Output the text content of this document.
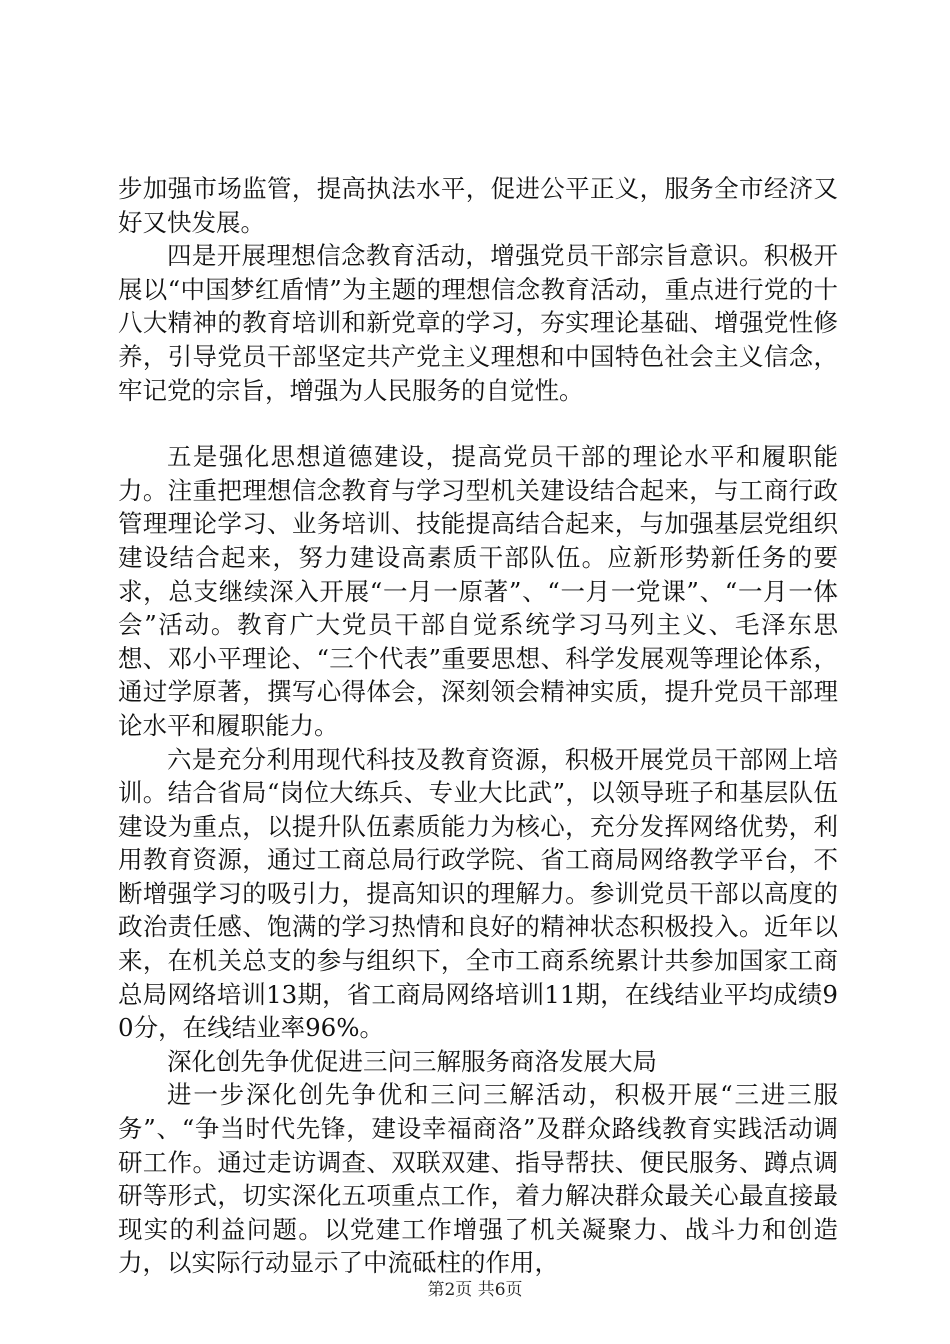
步加强市场监管，提高执法水平，促进公平正义，服务全市经济又好又快发展。

四是开展理想信念教育活动，增强党员干部宗旨意识。积极开展以“中国梦红盾情”为主题的理想信念教育活动，重点进行党的十八大精神的教育培训和新党章的学习，夯实理论基础、增强党性修养，引导党员干部坚定共产党主义理想和中国特色社会主义信念，牢记党的宗旨，增强为人民服务的自觉性。

五是强化思想道德建设，提高党员干部的理论水平和履职能力。注重把理想信念教育与学习型机关建设结合起来，与工商行政管理理论学习、业务培训、技能提高结合起来，与加强基层党组织建设结合起来，努力建设高素质干部队伍。应新形势新任务的要求，总支继续深入开展“一月一原著”、“一月一党课”、“一月一体会”活动。教育广大党员干部自觉系统学习马列主义、毛泽东思想、邓小平理论、“三个代表”重要思想、科学发展观等理论体系，通过学原著，撰写心得体会，深刻领会精神实质，提升党员干部理论水平和履职能力。

六是充分利用现代科技及教育资源，积极开展党员干部网上培训。结合省局“岗位大练兵、专业大比武”，以领导班子和基层队伍建设为重点，以提升队伍素质能力为核心，充分发挥网络优势，利用教育资源，通过工商总局行政学院、省工商局网络教学平台，不断增强学习的吸引力，提高知识的理解力。参训党员干部以高度的政治责任感、饱满的学习热情和良好的精神状态积极投入。近年以来，在机关总支的参与组织下，全市工商系统累计共参加国家工商总局网络培训13期，省工商局网络培训11期，在线结业平均成绩90分，在线结业率96%。

深化创先争优促进三问三解服务商洛发展大局

进一步深化创先争优和三问三解活动，积极开展“三进三服务”、“争当时代先锋，建设幸福商洛”及群众路线教育实践活动调研工作。通过走访调查、双联双建、指导帮扶、便民服务、蹲点调研等形式，切实深化五项重点工作，着力解决群众最关心最直接最现实的利益问题。以党建工作增强了机关凝聚力、战斗力和创造力，以实际行动显示了中流砥柱的作用，

第2页 共6页
